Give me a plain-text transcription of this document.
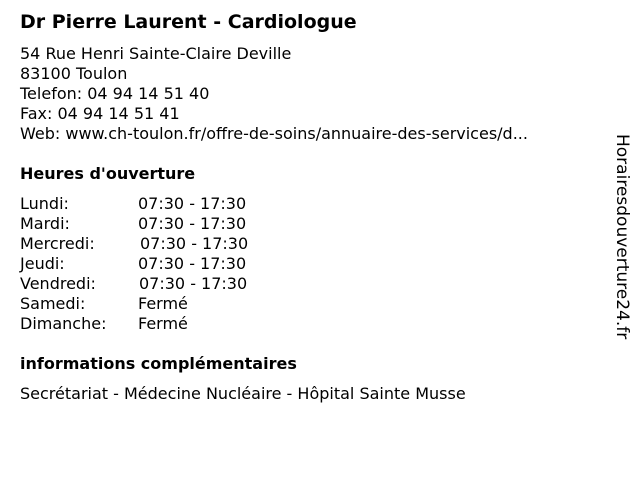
Dr Pierre Laurent - Cardiologue
54 Rue Henri Sainte-Claire Deville
83100 Toulon
Telefon: 04 94 14 51 40
Fax: 04 94 14 51 41
Web: www.ch-toulon.fr/offre-de-soins/annuaire-des-services/d...
Heures d'ouverture
Lundi:	07:30 - 17:30
Mardi:	07:30 - 17:30
Mercredi:	07:30 - 17:30
Jeudi:	07:30 - 17:30
Vendredi:	07:30 - 17:30
Samedi:	Fermé
Dimanche: Fermé
informations complémentaires
Secrétariat - Médecine Nucléaire - Hôpital Sainte Musse
Horairesdouverture24.fr
